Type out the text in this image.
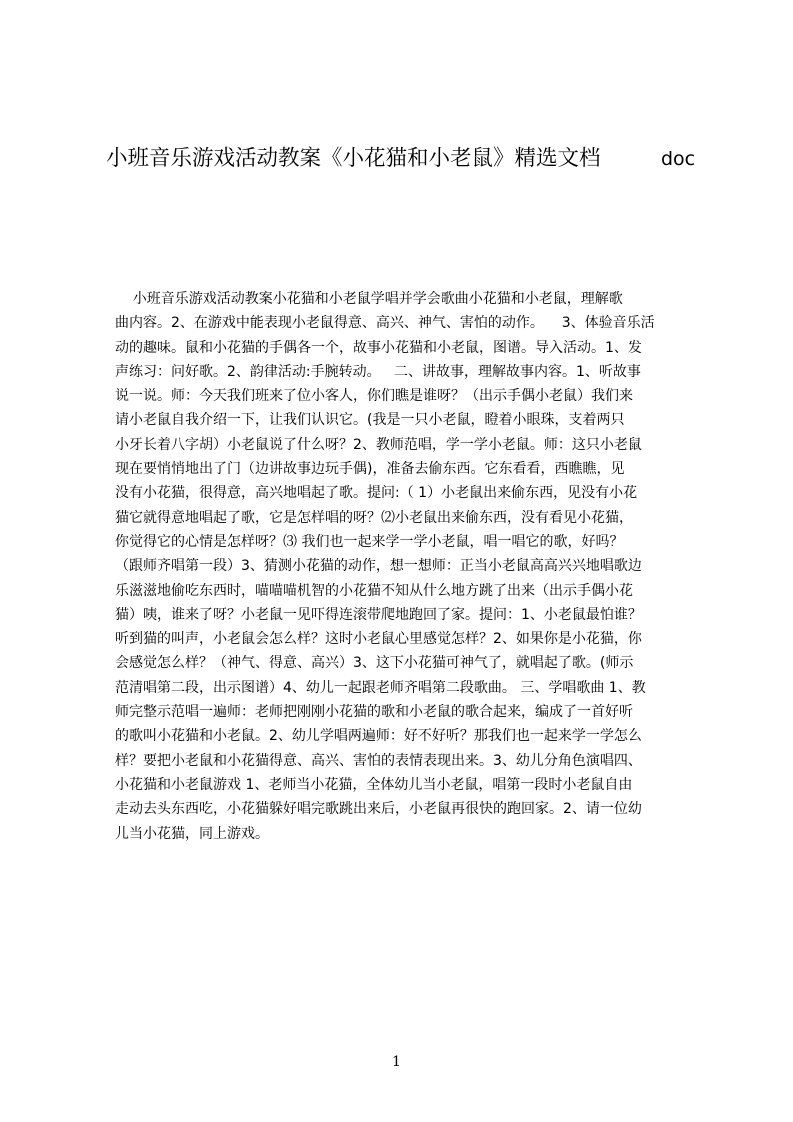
小班音乐游戏活动教案《小花猫和小老鼠》精选文档	doc
小班音乐游戏活动教案小花猫和小老鼠学唱并学会歌曲小花猫和小老鼠，理解歌
曲内容。2、在游戏中能表现小老鼠得意、高兴、神气、害怕的动作。    3、体验音乐活
动的趣味。鼠和小花猫的手偶各一个，故事小花猫和小老鼠，图谱。导入活动。1、发
声练习：问好歌。2、韵律活动:手腕转动。   二、讲故事，理解故事内容。1、听故事
说一说。师：今天我们班来了位小客人，你们瞧是谁呀？（出示手偶小老鼠）我们来
请小老鼠自我介绍一下，让我们认识它。(我是一只小老鼠，瞪着小眼珠，支着两只
小牙长着八字胡）小老鼠说了什么呀？2、教师范唱，学一学小老鼠。师：这只小老鼠
现在要悄悄地出了门（边讲故事边玩手偶)，准备去偷东西。它东看看，西瞧瞧，见
没有小花猫，很得意，高兴地唱起了歌。提问:（ 1）小老鼠出来偷东西，见没有小花
猫它就得意地唱起了歌，它是怎样唱的呀？⑵小老鼠出来偷东西，没有看见小花猫，
你觉得它的心情是怎样呀？⑶ 我们也一起来学一学小老鼠，唱一唱它的歌，好吗？
（跟师齐唱第一段）3、猜测小花猫的动作，想一想师：正当小老鼠高高兴兴地唱歌边
乐滋滋地偷吃东西时，喵喵喵机智的小花猫不知从什么地方跳了出来（出示手偶小花
猫）咦，谁来了呀？小老鼠一见吓得连滚带爬地跑回了家。提问：1、小老鼠最怕谁？
听到猫的叫声，小老鼠会怎么样？这时小老鼠心里感觉怎样？2、如果你是小花猫，你
会感觉怎么样？（神气、得意、高兴）3、这下小花猫可神气了，就唱起了歌。(师示
范清唱第二段，出示图谱）4、幼儿一起跟老师齐唱第二段歌曲。 三、学唱歌曲 1、教
师完整示范唱一遍师：老师把刚刚小花猫的歌和小老鼠的歌合起来，编成了一首好听
的歌叫小花猫和小老鼠。2、幼儿学唱两遍师：好不好听？那我们也一起来学一学怎么
样？要把小老鼠和小花猫得意、高兴、害怕的表情表现出来。3、幼儿分角色演唱四、
小花猫和小老鼠游戏 1、老师当小花猫，全体幼儿当小老鼠，唱第一段时小老鼠自由
走动去头东西吃，小花猫躲好唱完歌跳出来后，小老鼠再很快的跑回家。2、请一位幼
儿当小花猫，同上游戏。
1
